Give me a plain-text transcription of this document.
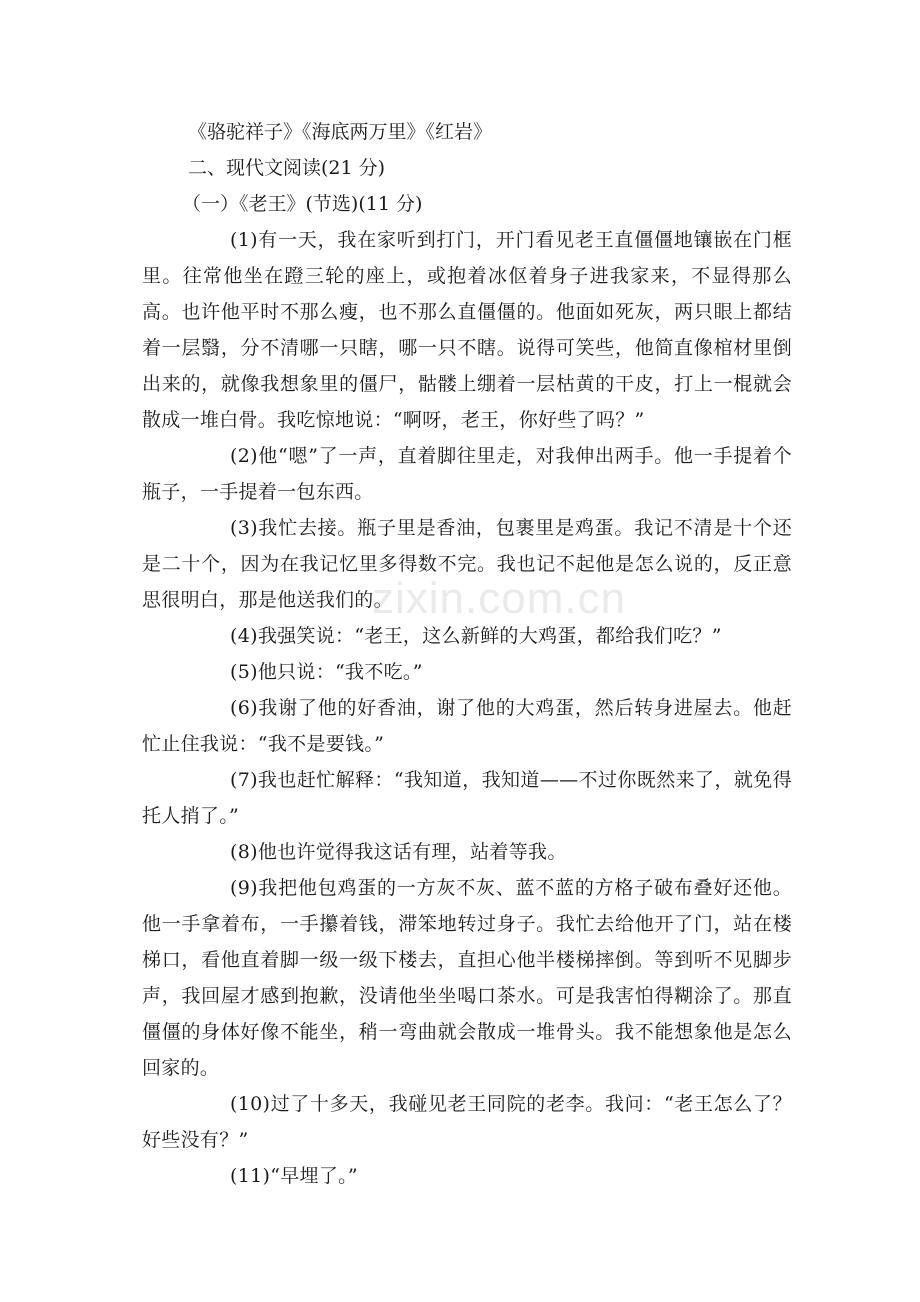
《骆驼祥子》《海底两万里》《红岩》

二、现代文阅读(21 分)

（一）《老王》(节选)(11 分)

(1)有一天，我在家听到打门，开门看见老王直僵僵地镶嵌在门框里。往常他坐在蹬三轮的座上，或抱着冰伛着身子进我家来，不显得那么高。也许他平时不那么瘦，也不那么直僵僵的。他面如死灰，两只眼上都结着一层翳，分不清哪一只瞎，哪一只不瞎。说得可笑些，他简直像棺材里倒出来的，就像我想象里的僵尸，骷髅上绷着一层枯黄的干皮，打上一棍就会散成一堆白骨。我吃惊地说：“啊呀，老王，你好些了吗？”

(2)他“嗯”了一声，直着脚往里走，对我伸出两手。他一手提着个瓶子，一手提着一包东西。

(3)我忙去接。瓶子里是香油，包裹里是鸡蛋。我记不清是十个还是二十个，因为在我记忆里多得数不完。我也记不起他是怎么说的，反正意思很明白，那是他送我们的。

(4)我强笑说：“老王，这么新鲜的大鸡蛋，都给我们吃？”

(5)他只说：“我不吃。”

(6)我谢了他的好香油，谢了他的大鸡蛋，然后转身进屋去。他赶忙止住我说：“我不是要钱。”

(7)我也赶忙解释：“我知道，我知道——不过你既然来了，就免得托人捎了。”

(8)他也许觉得我这话有理，站着等我。

(9)我把他包鸡蛋的一方灰不灰、蓝不蓝的方格子破布叠好还他。他一手拿着布，一手攥着钱，滞笨地转过身子。我忙去给他开了门，站在楼梯口，看他直着脚一级一级下楼去，直担心他半楼梯摔倒。等到听不见脚步声，我回屋才感到抱歉，没请他坐坐喝口茶水。可是我害怕得糊涂了。那直僵僵的身体好像不能坐，稍一弯曲就会散成一堆骨头。我不能想象他是怎么回家的。

(10)过了十多天，我碰见老王同院的老李。我问：“老王怎么了？好些没有？”

(11)“早埋了。”

zixin.com.cn
